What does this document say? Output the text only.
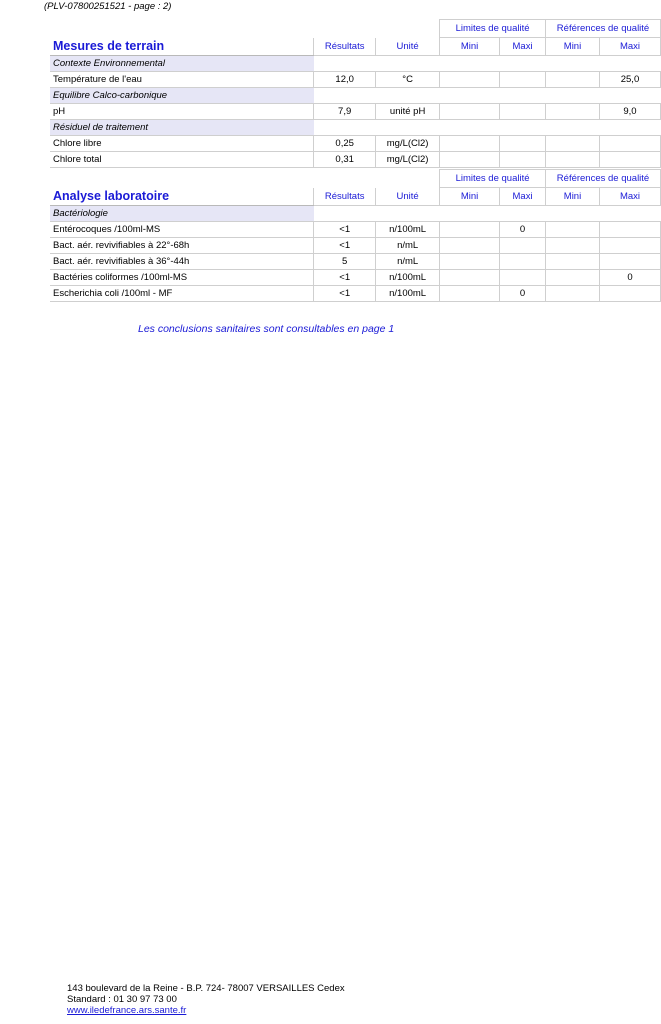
(PLV-07800251521 - page : 2)
			Limites de qualité		Références de qualité	
Mesures de terrain	Résultats	Unité	Mini	Maxi	Mini	Maxi
Contexte Environnemental						
Température de l'eau	12,0	°C				25,0
Equilibre Calco-carbonique						
pH	7,9	unité pH				9,0
Résiduel de traitement						
Chlore libre	0,25	mg/L(Cl2)				
Chlore total	0,31	mg/L(Cl2)				
			Limites de qualité		Références de qualité	
Analyse laboratoire	Résultats	Unité	Mini	Maxi	Mini	Maxi
Bactériologie						
Entérocoques /100ml-MS	<1	n/100mL		0		
Bact. aér. revivifiables à 22°-68h	<1	n/mL				
Bact. aér. revivifiables à 36°-44h	5	n/mL				
Bactéries coliformes /100ml-MS	<1	n/100mL				0
Escherichia coli /100ml - MF	<1	n/100mL		0		
Les conclusions sanitaires sont consultables en page 1
143 boulevard de la Reine - B.P. 724- 78007 VERSAILLES Cedex
Standard : 01 30 97 73 00
www.iledefrance.ars.sante.fr
